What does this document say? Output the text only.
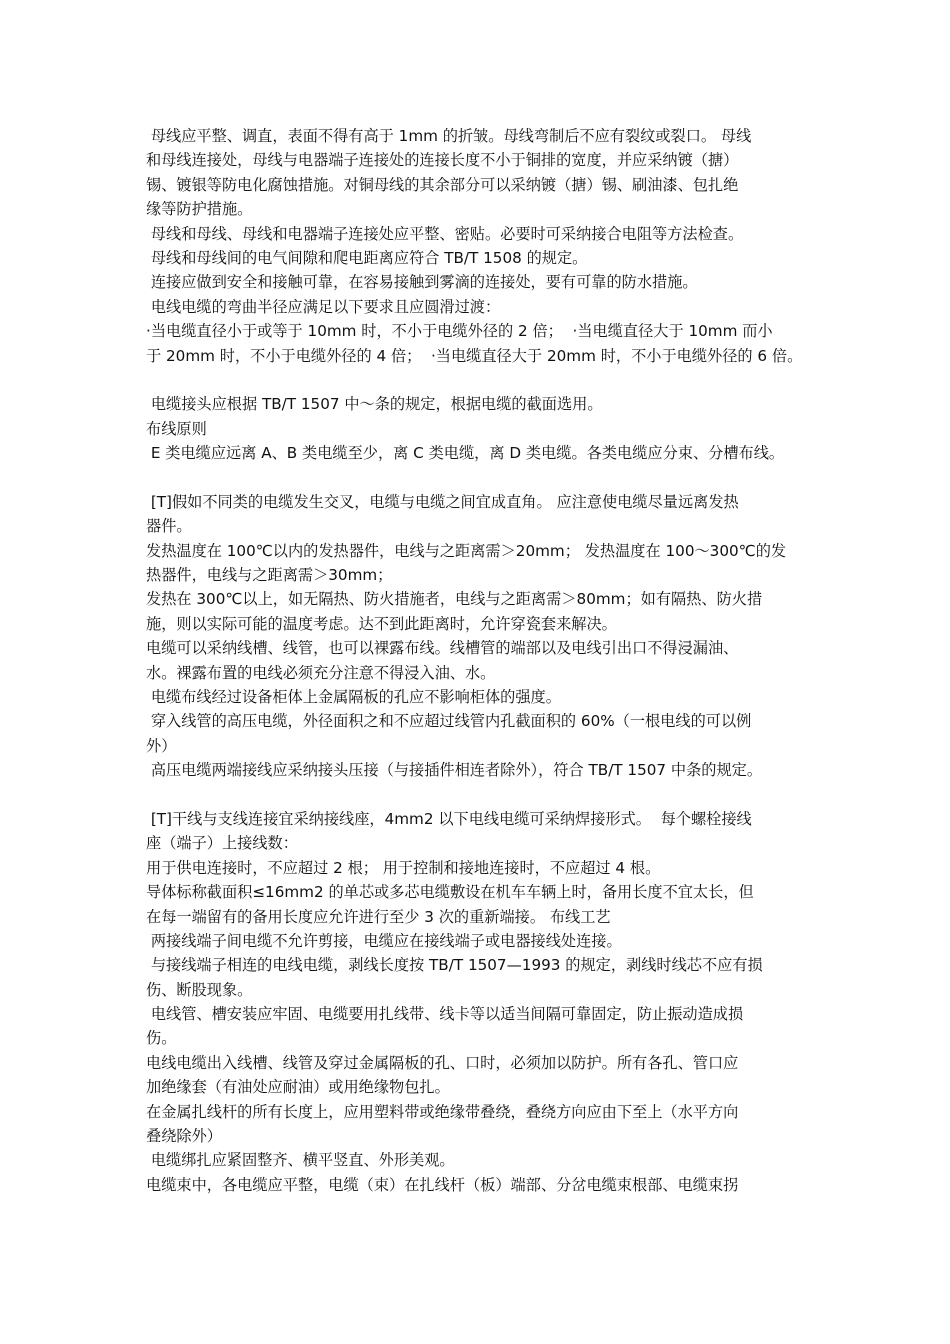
母线应平整、调直，表面不得有高于 1mm 的折皱。母线弯制后不应有裂纹或裂口。 母线
和母线连接处，母线与电器端子连接处的连接长度不小于铜排的宽度，并应采纳镀（搪）
锡、镀银等防电化腐蚀措施。对铜母线的其余部分可以采纳镀（搪）锡、刷油漆、包扎绝
缘等防护措施。
母线和母线、母线和电器端子连接处应平整、密贴。必要时可采纳接合电阻等方法检查。
母线和母线间的电气间隙和爬电距离应符合 TB/T 1508 的规定。
连接应做到安全和接触可靠，在容易接触到雾滴的连接处，要有可靠的防水措施。
电线电缆的弯曲半径应满足以下要求且应圆滑过渡：
·当电缆直径小于或等于 10mm 时，不小于电缆外径的 2 倍；  ·当电缆直径大于 10mm 而小
于 20mm 时，不小于电缆外径的 4 倍；  ·当电缆直径大于 20mm 时，不小于电缆外径的 6 倍。
电缆接头应根据 TB/T 1507 中～条的规定，根据电缆的截面选用。
布线原则
E 类电缆应远离 A、B 类电缆至少，离 C 类电缆，离 D 类电缆。各类电缆应分束、分槽布线。
[T]假如不同类的电缆发生交叉，电缆与电缆之间宜成直角。 应注意使电缆尽量远离发热
器件。
发热温度在 100℃以内的发热器件，电线与之距离需＞20mm； 发热温度在 100～300℃的发
热器件，电线与之距离需＞30mm；
发热在 300℃以上，如无隔热、防火措施者，电线与之距离需＞80mm；如有隔热、防火措
施，则以实际可能的温度考虑。达不到此距离时，允许穿瓷套来解决。
电缆可以采纳线槽、线管，也可以裸露布线。线槽管的端部以及电线引出口不得浸漏油、
水。裸露布置的电线必须充分注意不得浸入油、水。
电缆布线经过设备柜体上金属隔板的孔应不影响柜体的强度。
穿入线管的高压电缆，外径面积之和不应超过线管内孔截面积的 60%（一根电线的可以例
外）
高压电缆两端接线应采纳接头压接（与接插件相连者除外），符合 TB/T 1507 中条的规定。
[T]干线与支线连接宜采纳接线座，4mm2 以下电线电缆可采纳焊接形式。  每个螺栓接线
座（端子）上接线数：
用于供电连接时，不应超过 2 根； 用于控制和接地连接时，不应超过 4 根。
导体标称截面积≤16mm2 的单芯或多芯电缆敷设在机车车辆上时，备用长度不宜太长，但
在每一端留有的备用长度应允许进行至少 3 次的重新端接。 布线工艺
两接线端子间电缆不允许剪接，电缆应在接线端子或电器接线处连接。
与接线端子相连的电线电缆，剥线长度按 TB/T 1507—1993 的规定，剥线时线芯不应有损
伤、断股现象。
电线管、槽安装应牢固、电缆要用扎线带、线卡等以适当间隔可靠固定，防止振动造成损
伤。
电线电缆出入线槽、线管及穿过金属隔板的孔、口时，必须加以防护。所有各孔、管口应
加绝缘套（有油处应耐油）或用绝缘物包扎。
在金属扎线杆的所有长度上，应用塑料带或绝缘带叠绕，叠绕方向应由下至上（水平方向
叠绕除外）
电缆绑扎应紧固整齐、横平竖直、外形美观。
电缆束中，各电缆应平整，电缆（束）在扎线杆（板）端部、分岔电缆束根部、电缆束拐
